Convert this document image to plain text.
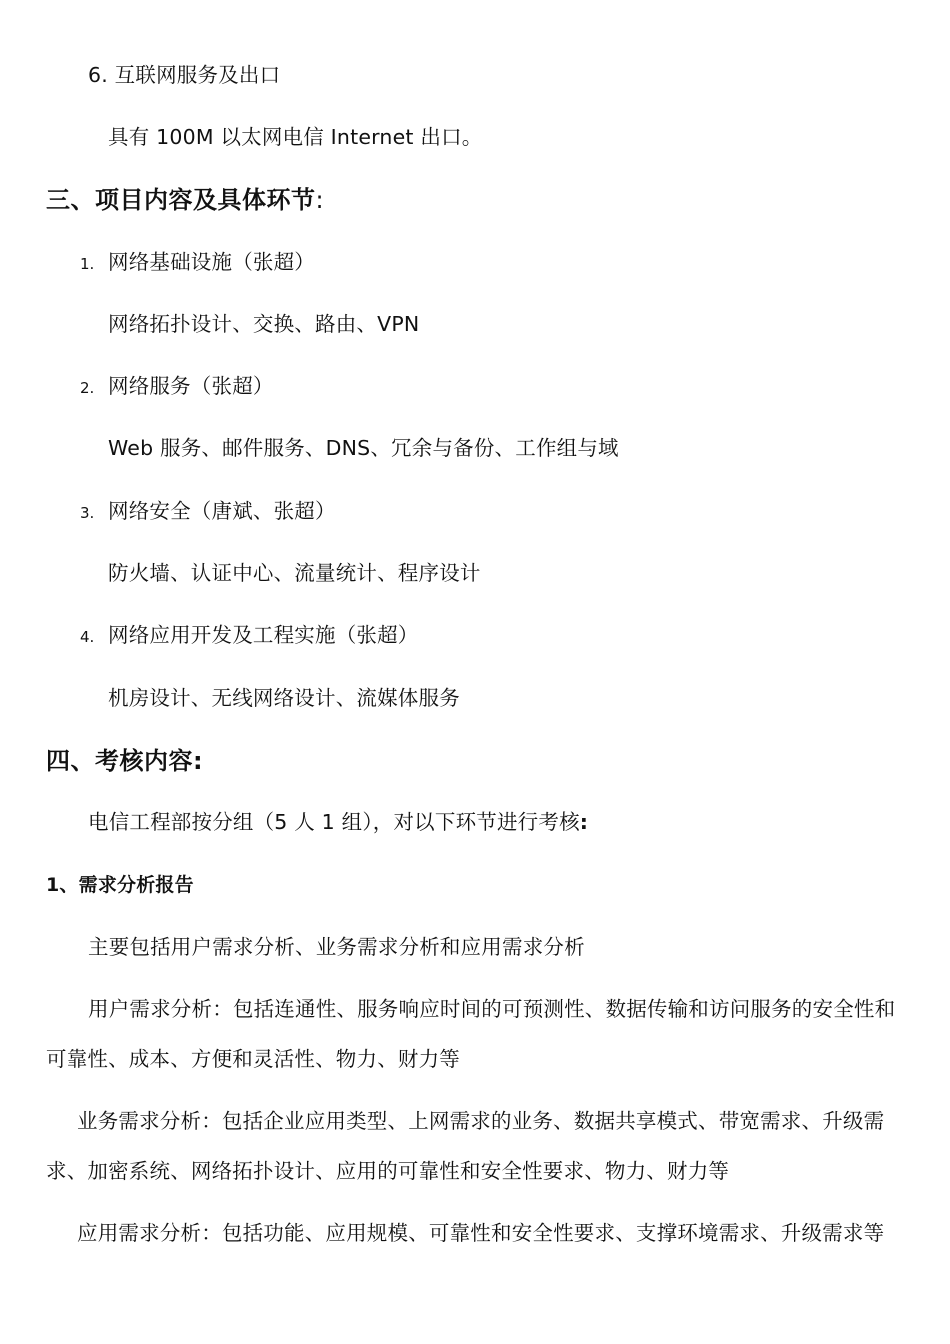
6. 互联网服务及出口
具有 100M 以太网电信 Internet 出口。
三、项目内容及具体环节:
1. 网络基础设施（张超）
网络拓扑设计、交换、路由、VPN
2. 网络服务（张超）
Web 服务、邮件服务、DNS、冗余与备份、工作组与域
3. 网络安全（唐斌、张超）
防火墙、认证中心、流量统计、程序设计
4. 网络应用开发及工程实施（张超）
机房设计、无线网络设计、流媒体服务
四、考核内容:
电信工程部按分组（5 人 1 组），对以下环节进行考核:
1、需求分析报告
主要包括用户需求分析、业务需求分析和应用需求分析
用户需求分析：包括连通性、服务响应时间的可预测性、数据传输和访问服务的安全性和
可靠性、成本、方便和灵活性、物力、财力等
业务需求分析：包括企业应用类型、上网需求的业务、数据共享模式、带宽需求、升级需
求、加密系统、网络拓扑设计、应用的可靠性和安全性要求、物力、财力等
应用需求分析：包括功能、应用规模、可靠性和安全性要求、支撑环境需求、升级需求等
